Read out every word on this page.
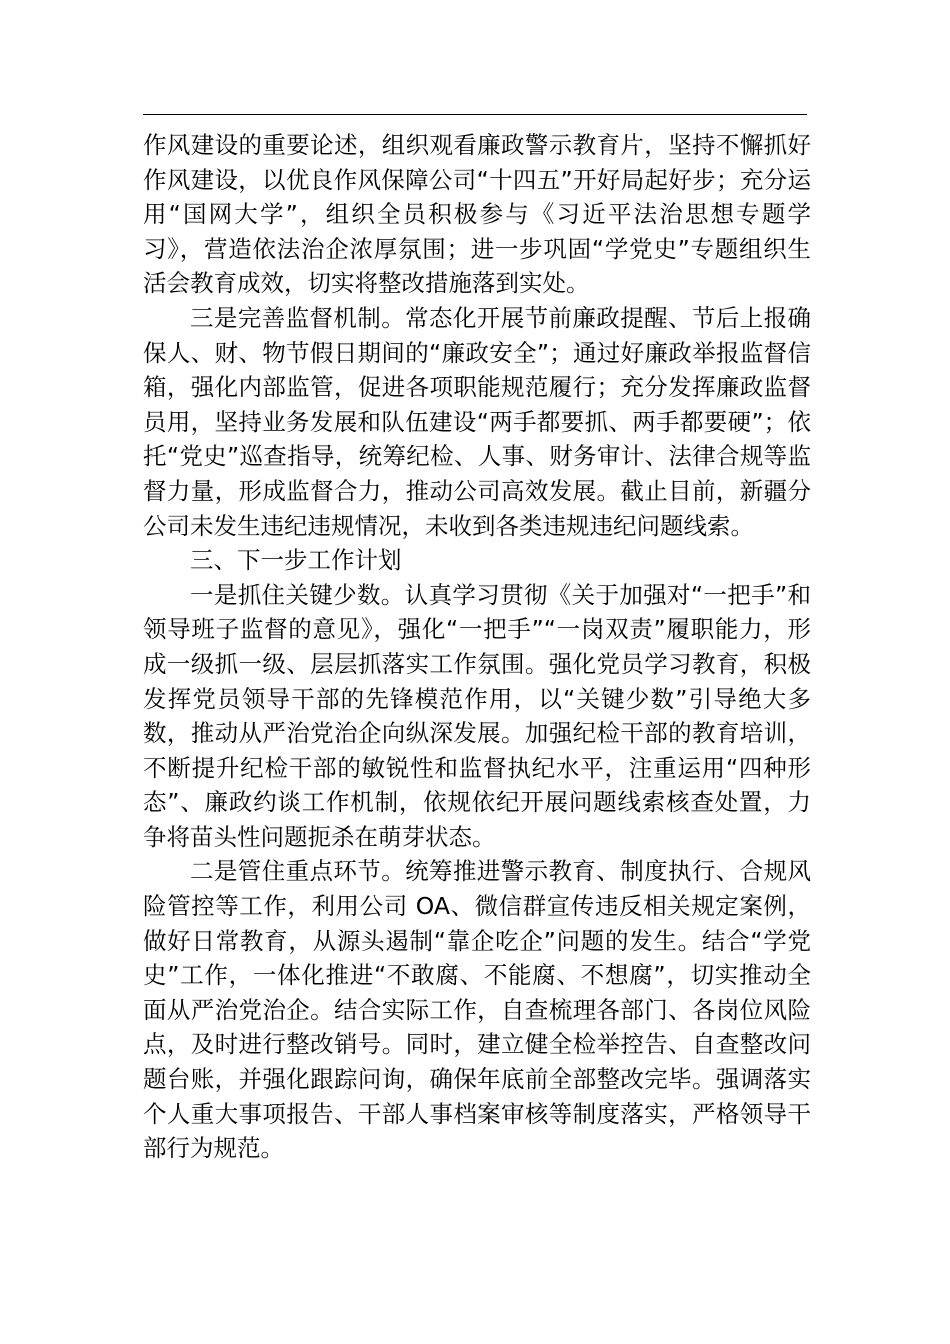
作风建设的重要论述，组织观看廉政警示教育片，坚持不懈抓好作风建设，以优良作风保障公司“十四五”开好局起好步；充分运用“国网大学”，组织全员积极参与《习近平法治思想专题学习》，营造依法治企浓厚氛围；进一步巩固“学党史”专题组织生活会教育成效，切实将整改措施落到实处。

三是完善监督机制。常态化开展节前廉政提醒、节后上报确保人、财、物节假日期间的“廉政安全”；通过好廉政举报监督信箱，强化内部监管，促进各项职能规范履行；充分发挥廉政监督员用，坚持业务发展和队伍建设“两手都要抓、两手都要硬”；依托“党史”巡查指导，统筹纪检、人事、财务审计、法律合规等监督力量，形成监督合力，推动公司高效发展。截止目前，新疆分公司未发生违纪违规情况，未收到各类违规违纪问题线索。

三、下一步工作计划

一是抓住关键少数。认真学习贯彻《关于加强对“一把手”和领导班子监督的意见》，强化“一把手”“一岗双责”履职能力，形成一级抓一级、层层抓落实工作氛围。强化党员学习教育，积极发挥党员领导干部的先锋模范作用，以“关键少数”引导绝大多数，推动从严治党治企向纵深发展。加强纪检干部的教育培训，不断提升纪检干部的敏锐性和监督执纪水平，注重运用“四种形态”、廉政约谈工作机制，依规依纪开展问题线索核查处置，力争将苗头性问题扼杀在萌芽状态。

二是管住重点环节。统筹推进警示教育、制度执行、合规风险管控等工作，利用公司 OA、微信群宣传违反相关规定案例，做好日常教育，从源头遏制“靠企吃企”问题的发生。结合“学党史”工作，一体化推进“不敢腐、不能腐、不想腐”，切实推动全面从严治党治企。结合实际工作，自查梳理各部门、各岗位风险点，及时进行整改销号。同时，建立健全检举控告、自查整改问题台账，并强化跟踪问询，确保年底前全部整改完毕。强调落实个人重大事项报告、干部人事档案审核等制度落实，严格领导干部行为规范。
